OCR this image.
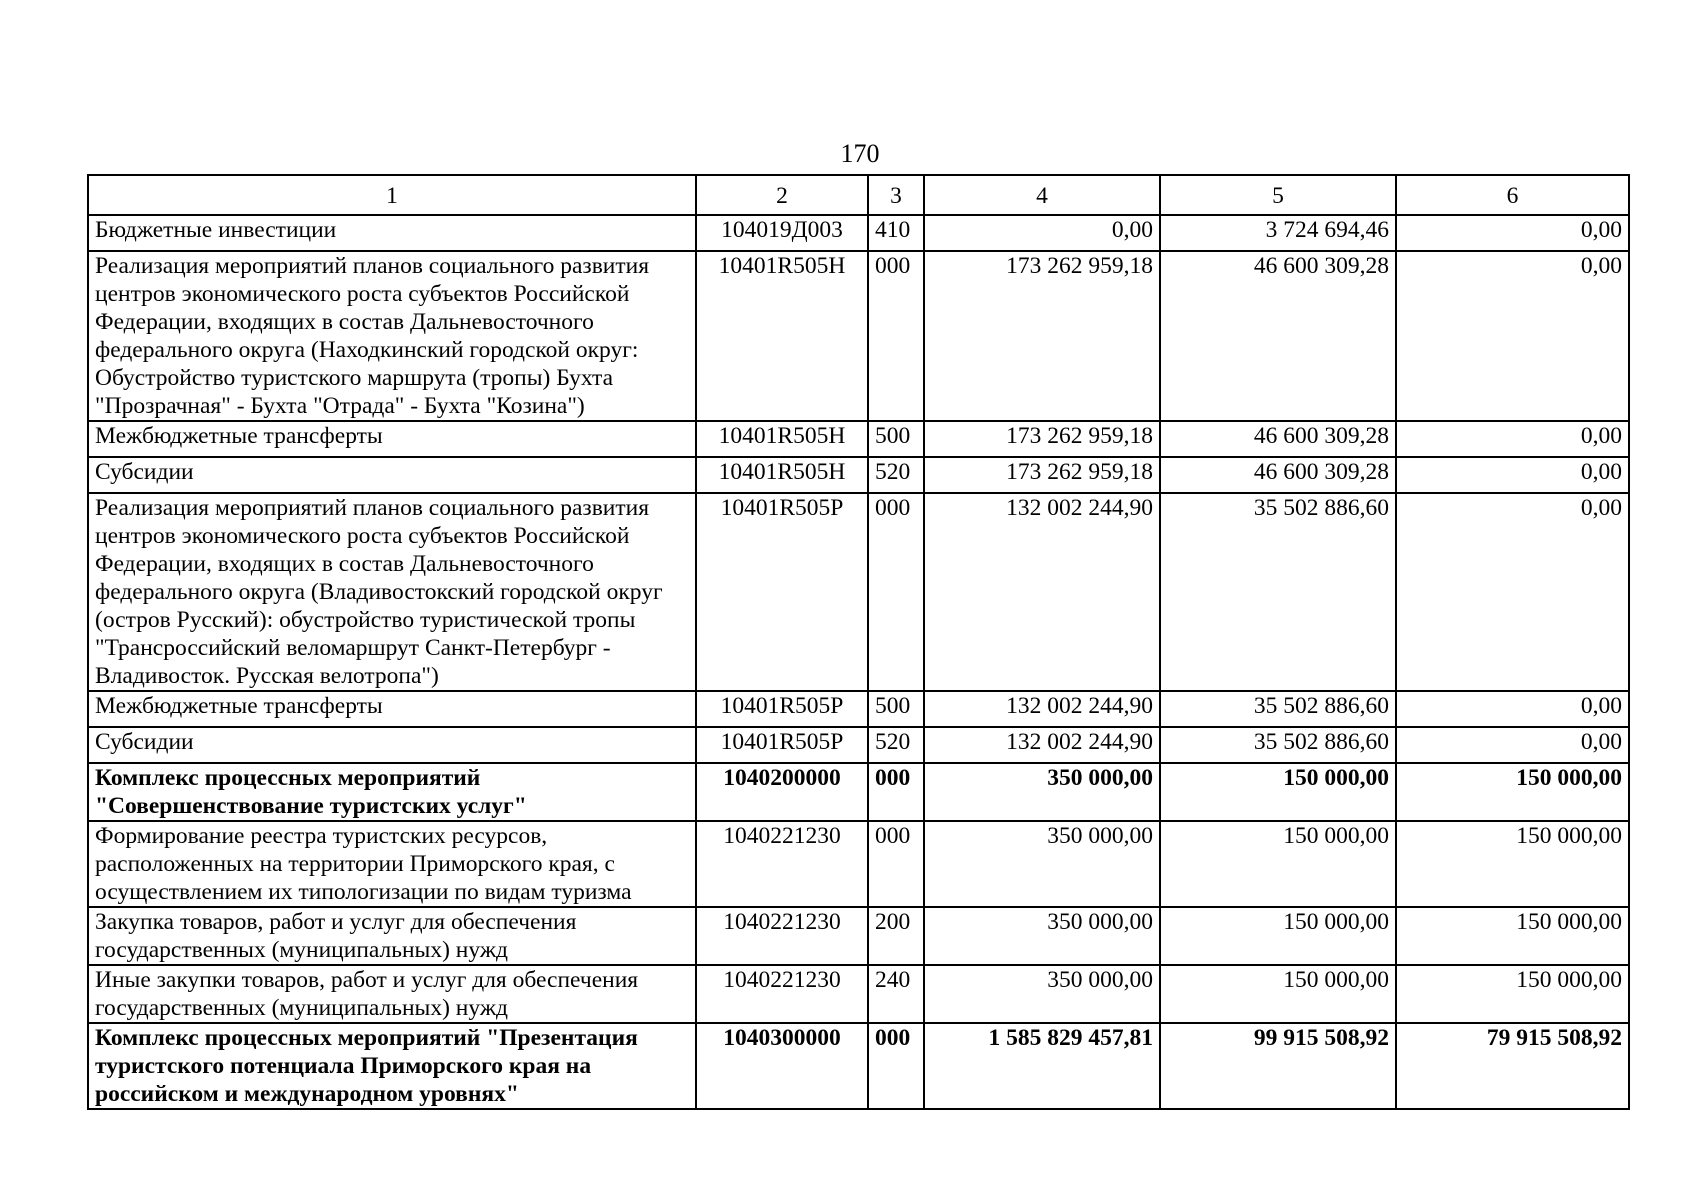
170
1	2	3	4	5	6
Бюджетные инвестиции	104019Д003	410	0,00	3 724 694,46	0,00
Реализация мероприятий планов социального развития центров экономического роста субъектов Российской Федерации, входящих в состав Дальневосточного федерального округа (Находкинский городской округ: Обустройство туристского маршрута (тропы) Бухта "Прозрачная" - Бухта "Отрада" - Бухта "Козина")	10401R505H	000	173 262 959,18	46 600 309,28	0,00
Межбюджетные трансферты	10401R505H	500	173 262 959,18	46 600 309,28	0,00
Субсидии	10401R505H	520	173 262 959,18	46 600 309,28	0,00
Реализация мероприятий планов социального развития центров экономического роста субъектов Российской Федерации, входящих в состав Дальневосточного федерального округа (Владивостокский городской округ (остров Русский): обустройство туристической тропы "Трансроссийский веломаршрут Санкт-Петербург - Владивосток. Русская велотропа")	10401R505P	000	132 002 244,90	35 502 886,60	0,00
Межбюджетные трансферты	10401R505P	500	132 002 244,90	35 502 886,60	0,00
Субсидии	10401R505P	520	132 002 244,90	35 502 886,60	0,00
Комплекс процессных мероприятий "Совершенствование туристских услуг"	1040200000	000	350 000,00	150 000,00	150 000,00
Формирование реестра туристских ресурсов, расположенных на территории Приморского края, с осуществлением их типологизации по видам туризма	1040221230	000	350 000,00	150 000,00	150 000,00
Закупка товаров, работ и услуг для обеспечения государственных (муниципальных) нужд	1040221230	200	350 000,00	150 000,00	150 000,00
Иные закупки товаров, работ и услуг для обеспечения государственных (муниципальных) нужд	1040221230	240	350 000,00	150 000,00	150 000,00
Комплекс процессных мероприятий "Презентация туристского потенциала Приморского края на российском и международном уровнях"	1040300000	000	1 585 829 457,81	99 915 508,92	79 915 508,92
